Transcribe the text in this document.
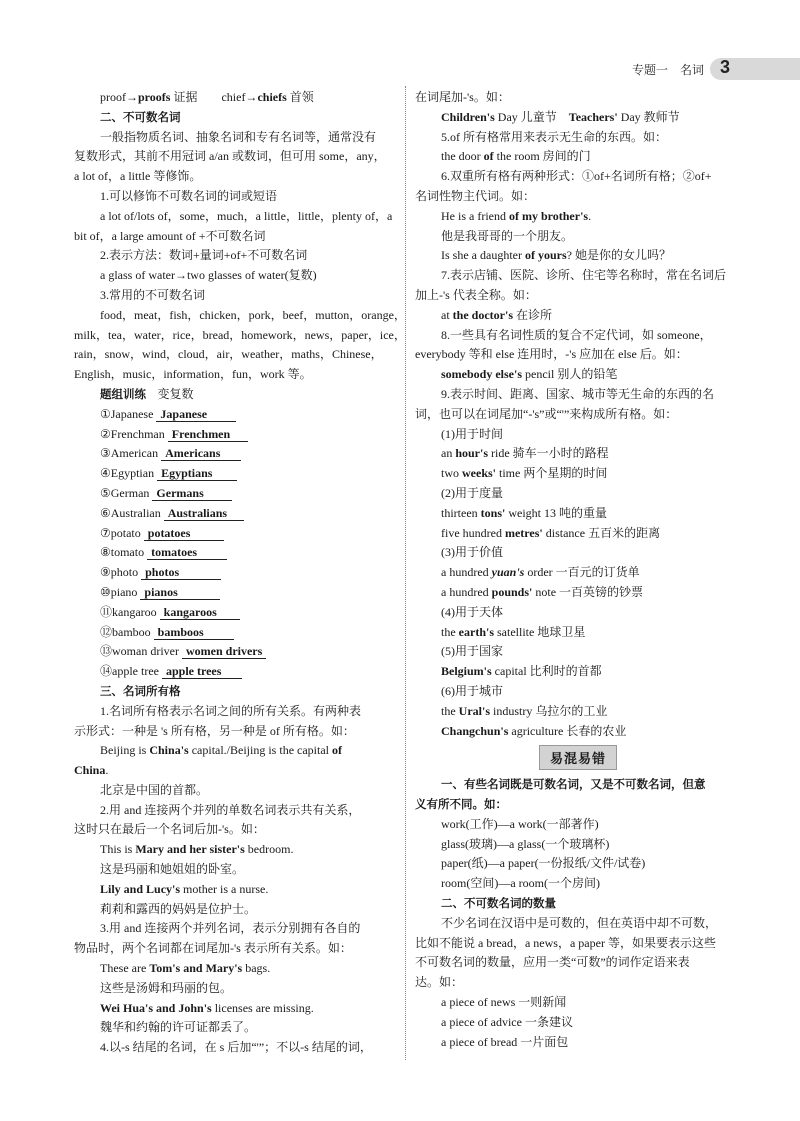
专题一　名词 3
proof→proofs 证据　　chief→chiefs 首领
二、不可数名词
一般指物质名词、抽象名词和专有名词等，通常没有
复数形式，其前不用冠词 a/an 或数词，但可用 some，any，
a lot of，a little 等修饰。
1.可以修饰不可数名词的词或短语
a lot of/lots of，some，much，a little，little，plenty of，a
bit of，a large amount of +不可数名词
2.表示方法：数词+量词+of+不可数名词
a glass of water→two glasses of water(复数)
3.常用的不可数名词
food，meat，fish，chicken，pork，beef，mutton，orange，
milk，tea，water，rice，bread，homework，news，paper，ice，
rain，snow，wind，cloud，air，weather，maths，Chinese，
English，music，information，fun，work 等。
题组训练　变复数
①Japanese Japanese
②Frenchman Frenchmen
③American Americans
④Egyptian Egyptians
⑤German Germans
⑥Australian Australians
⑦potato potatoes
⑧tomato tomatoes
⑨photo photos
⑩piano pianos
⑪kangaroo kangaroos
⑫bamboo bamboos
⑬woman driver women drivers
⑭apple tree apple trees
三、名词所有格
1.名词所有格表示名词之间的所有关系。有两种表
示形式：一种是 's 所有格，另一种是 of 所有格。如：
Beijing is China's capital./Beijing is the capital of
China.
北京是中国的首都。
2.用 and 连接两个并列的单数名词表示共有关系，
这时只在最后一个名词后加-'s。如：
This is Mary and her sister's bedroom.
这是玛丽和她姐姐的卧室。
Lily and Lucy's mother is a nurse.
莉莉和露西的妈妈是位护士。
3.用 and 连接两个并列名词，表示分别拥有各自的
物品时，两个名词都在词尾加-'s 表示所有关系。如：
These are Tom's and Mary's bags.
这些是汤姆和玛丽的包。
Wei Hua's and John's licenses are missing.
魏华和约翰的许可证都丢了。
4.以-s 结尾的名词，在 s 后加“'”；不以-s 结尾的词，
在词尾加-'s。如：
Children's Day 儿童节　Teachers' Day 教师节
5.of 所有格常用来表示无生命的东西。如：
the door of the room 房间的门
6.双重所有格有两种形式：①of+名词所有格；②of+
名词性物主代词。如：
He is a friend of my brother's.
他是我哥哥的一个朋友。
Is she a daughter of yours? 她是你的女儿吗？
7.表示店铺、医院、诊所、住宅等名称时，常在名词后
加上-'s 代表全称。如：
at the doctor's 在诊所
8.一些具有名词性质的复合不定代词，如 someone，
everybody 等和 else 连用时，-'s 应加在 else 后。如：
somebody else's pencil 别人的铅笔
9.表示时间、距离、国家、城市等无生命的东西的名
词，也可以在词尾加“-'s”或“'”来构成所有格。如：
(1)用于时间
an hour's ride 骑车一小时的路程
two weeks' time 两个星期的时间
(2)用于度量
thirteen tons' weight 13 吨的重量
five hundred metres' distance 五百米的距离
(3)用于价值
a hundred yuan's order 一百元的订货单
a hundred pounds' note 一百英镑的钞票
(4)用于天体
the earth's satellite 地球卫星
(5)用于国家
Belgium's capital 比利时的首都
(6)用于城市
the Ural's industry 乌拉尔的工业
Changchun's agriculture 长春的农业
易混易错
一、有些名词既是可数名词，又是不可数名词，但意
义有所不同。如：
work(工作)—a work(一部著作)
glass(玻璃)—a glass(一个玻璃杯)
paper(纸)—a paper(一份报纸/文件/试卷)
room(空间)—a room(一个房间)
二、不可数名词的数量
不少名词在汉语中是可数的，但在英语中却不可数，
比如不能说 a bread，a news，a paper 等，如果要表示这些
不可数名词的数量，应用一类“可数”的词作定语来表
达。如：
a piece of news 一则新闻
a piece of advice 一条建议
a piece of bread 一片面包
